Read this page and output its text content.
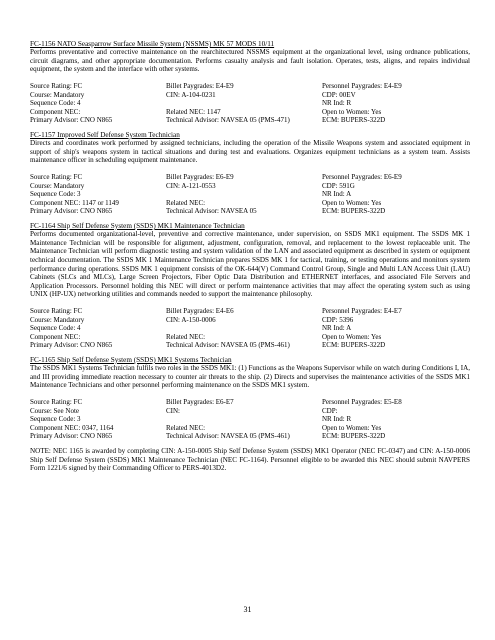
FC-1156 NATO Seasparrow Surface Missile System (NSSMS) MK 57 MODS 10/11

Performs preventative and corrective maintenance on the rearchitectured NSSMS equipment at the organizational level, using ordnance publications, circuit diagrams, and other appropriate documentation. Performs casualty analysis and fault isolation. Operates, tests, aligns, and repairs individual equipment, the system and the interface with other systems.

Source Rating: FC
Course: Mandatory
Sequence Code: 4
Component NEC:
Primary Advisor: CNO N865
Billet Paygrades: E4-E9
CIN: A-104-0231
Related NEC: 1147
Technical Advisor: NAVSEA 05 (PMS-471)
Personnel Paygrades: E4-E9
CDP: 00EV
NR Ind: R
Open to Women: Yes
ECM: BUPERS-322D
FC-1157 Improved Self Defense System Technician

Directs and coordinates work performed by assigned technicians, including the operation of the Missile Weapons system and associated equipment in support of ship's weapons system in tactical situations and during test and evaluations. Organizes equipment technicians as a system team. Assists maintenance officer in scheduling equipment maintenance.

Source Rating: FC
Course: Mandatory
Sequence Code: 3
Component NEC: 1147 or 1149
Primary Advisor: CNO N865
Billet Paygrades: E6-E9
CIN: A-121-0553
Related NEC:
Technical Advisor: NAVSEA 05
Personnel Paygrades: E6-E9
CDP: 591G
NR Ind: A
Open to Women: Yes
ECM: BUPERS-322D
FC-1164 Ship Self Defense System (SSDS) MK1 Maintenance Technician

Performs documented organizational-level, preventive and corrective maintenance, under supervision, on SSDS MK1 equipment. The SSDS MK 1 Maintenance Technician will be responsible for alignment, adjustment, configuration, removal, and replacement to the lowest replaceable unit. The Maintenance Technician will perform diagnostic testing and system validation of the LAN and associated equipment as described in system or equipment technical documentation. The SSDS MK 1 Maintenance Technician prepares SSDS MK 1 for tactical, training, or testing operations and monitors system performance during operations. SSDS MK 1 equipment consists of the OK-644(V) Command Control Group, Single and Multi LAN Access Unit (LAU) Cabinets (SLCs and MLCs), Large Screen Projectors, Fiber Optic Data Distribution and ETHERNET interfaces, and associated File Servers and Application Processors. Personnel holding this NEC will direct or perform maintenance activities that may affect the operating system such as using UNIX (HP-UX) networking utilities and commands needed to support the maintenance philosophy.

Source Rating: FC
Course: Mandatory
Sequence Code: 4
Component NEC:
Primary Advisor: CNO N865
Billet Paygrades: E4-E6
CIN: A-150-0006
Related NEC:
Technical Advisor: NAVSEA 05 (PMS-461)
Personnel Paygrades: E4-E7
CDP: 5396
NR Ind: A
Open to Women: Yes
ECM: BUPERS-322D
FC-1165 Ship Self Defense System (SSDS) MK1 Systems Technician

The SSDS MK1 Systems Technician fulfils two roles in the SSDS MK1: (1) Functions as the Weapons Supervisor while on watch during Conditions I, IA, and III providing immediate reaction necessary to counter air threats to the ship. (2) Directs and supervises the maintenance activities of the SSDS MK1 Maintenance Technicians and other personnel performing maintenance on the SSDS MK1 system.

Source Rating: FC
Course: See Note
Sequence Code: 3
Component NEC: 0347, 1164
Primary Advisor: CNO N865
Billet Paygrades: E6-E7
CIN:
Related NEC:
Technical Advisor: NAVSEA 05 (PMS-461)
Personnel Paygrades: E5-E8
CDP:
NR Ind: R
Open to Women: Yes
ECM: BUPERS-322D

NOTE: NEC 1165 is awarded by completing CIN: A-150-0005 Ship Self Defense System (SSDS) MK1 Operator (NEC FC-0347) and CIN: A-150-0006 Ship Self Defense System (SSDS) MK1 Maintenance Technician (NEC FC-1164). Personnel eligible to be awarded this NEC should submit NAVPERS Form 1221/6 signed by their Commanding Officer to PERS-4013D2.

31
